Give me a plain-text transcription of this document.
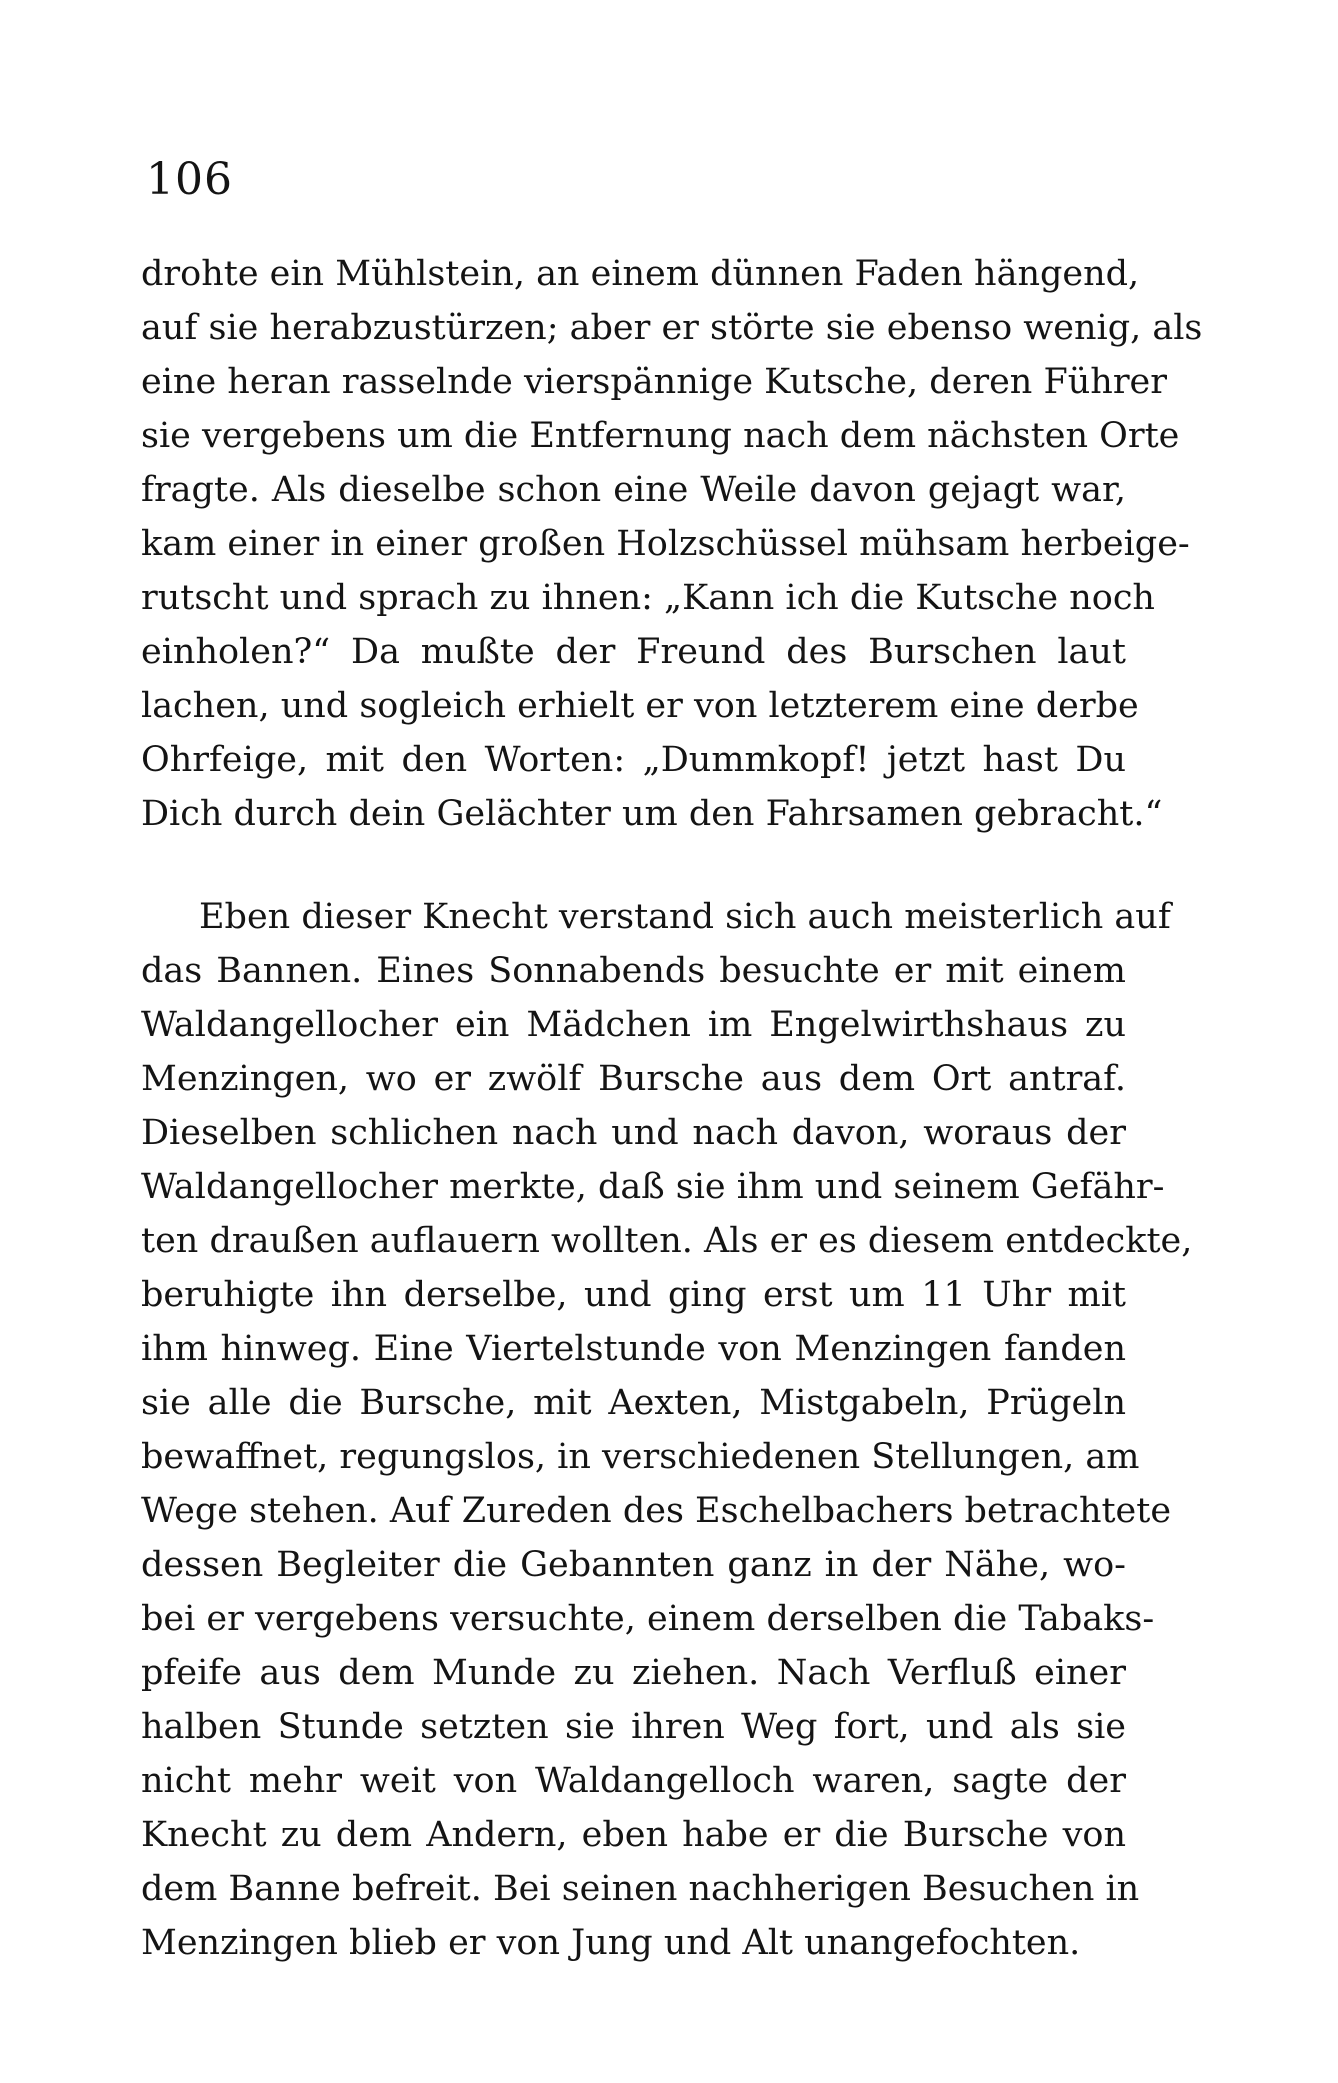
106
drohte ein Mühlstein, an einem dünnen Faden hängend,
auf sie herabzustürzen; aber er störte sie ebenso wenig, als
eine heran rasselnde vierspännige Kutsche, deren Führer
sie vergebens um die Entfernung nach dem nächsten Orte
fragte. Als dieselbe schon eine Weile davon gejagt war,
kam einer in einer großen Holzschüssel mühsam herbeige-
rutscht und sprach zu ihnen: „Kann ich die Kutsche noch
einholen?“ Da mußte der Freund des Burschen laut
lachen, und sogleich erhielt er von letzterem eine derbe
Ohrfeige, mit den Worten: „Dummkopf! jetzt hast Du
Dich durch dein Gelächter um den Fahrsamen gebracht.“
Eben dieser Knecht verstand sich auch meisterlich auf
das Bannen. Eines Sonnabends besuchte er mit einem
Waldangellocher ein Mädchen im Engelwirthshaus zu
Menzingen, wo er zwölf Bursche aus dem Ort antraf.
Dieselben schlichen nach und nach davon, woraus der
Waldangellocher merkte, daß sie ihm und seinem Gefähr-
ten draußen auflauern wollten. Als er es diesem entdeckte,
beruhigte ihn derselbe, und ging erst um 11 Uhr mit
ihm hinweg. Eine Viertelstunde von Menzingen fanden
sie alle die Bursche, mit Aexten, Mistgabeln, Prügeln
bewaffnet, regungslos, in verschiedenen Stellungen, am
Wege stehen. Auf Zureden des Eschelbachers betrachtete
dessen Begleiter die Gebannten ganz in der Nähe, wo-
bei er vergebens versuchte, einem derselben die Tabaks-
pfeife aus dem Munde zu ziehen. Nach Verfluß einer
halben Stunde setzten sie ihren Weg fort, und als sie
nicht mehr weit von Waldangelloch waren, sagte der
Knecht zu dem Andern, eben habe er die Bursche von
dem Banne befreit. Bei seinen nachherigen Besuchen in
Menzingen blieb er von Jung und Alt unangefochten.
